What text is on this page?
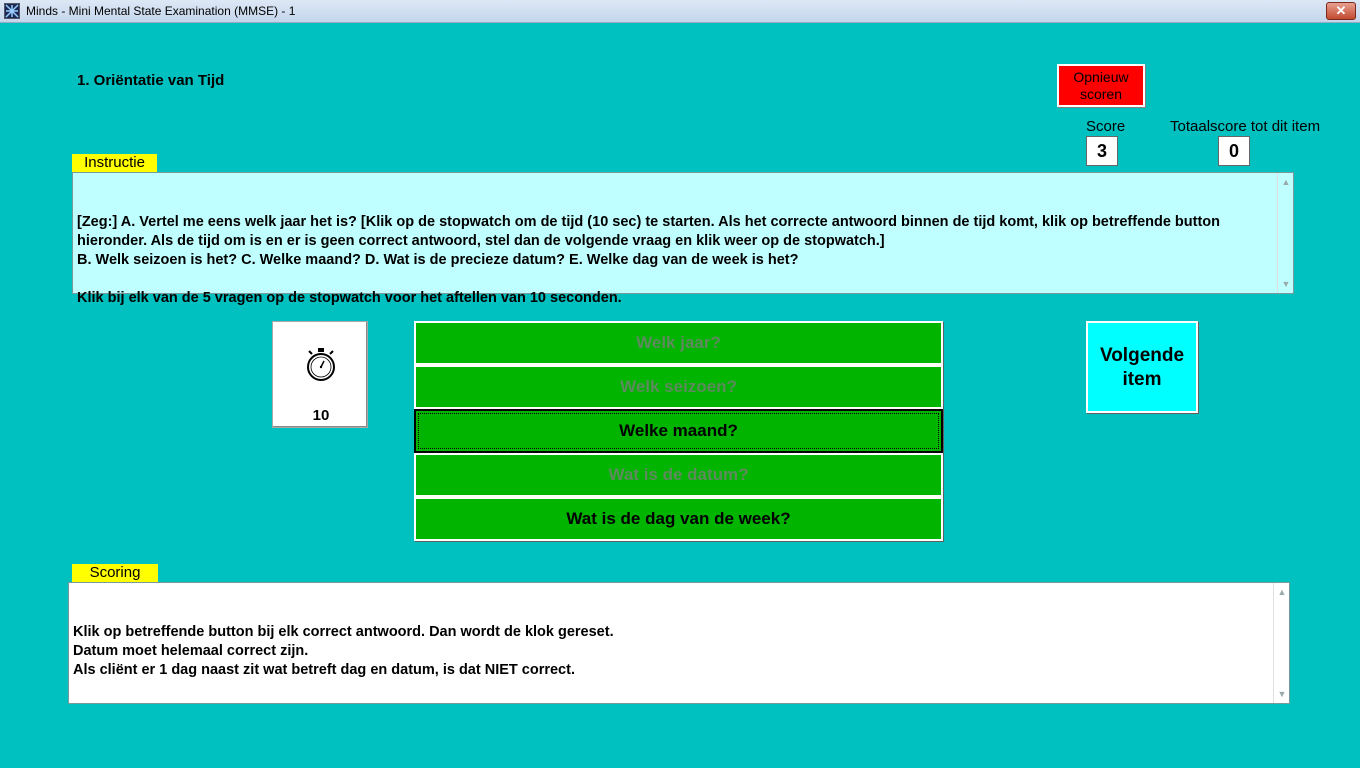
Minds - Mini Mental State Examination (MMSE) - 1	✕
1. Oriëntatie van Tijd	Opnieuw
scoren
Score
3
Totaalscore tot dit item
0
Instructie

[Zeg:] A. Vertel me eens welk jaar het is? [Klik op de stopwatch om de tijd (10 sec) te starten. Als het correcte antwoord binnen de tijd komt, klik op betreffende button hieronder. Als de tijd om is en er is geen correct antwoord, stel dan de volgende vraag en klik weer op de stopwatch.]
B. Welk seizoen is het? C. Welke maand? D. Wat is de precieze datum? E. Welke dag van de week is het?

Klik bij elk van de 5 vragen op de stopwatch voor het aftellen van 10 seconden.

▲

▼

10
Welk jaar?
Welk seizoen?
Welke maand?
Wat is de datum?
Wat is de dag van de week?
Volgende
item
Scoring

Klik op betreffende button bij elk correct antwoord. Dan wordt de klok gereset.
Datum moet helemaal correct zijn.
Als cliënt er 1 dag naast zit wat betreft dag en datum, is dat NIET correct.

▲

▼
